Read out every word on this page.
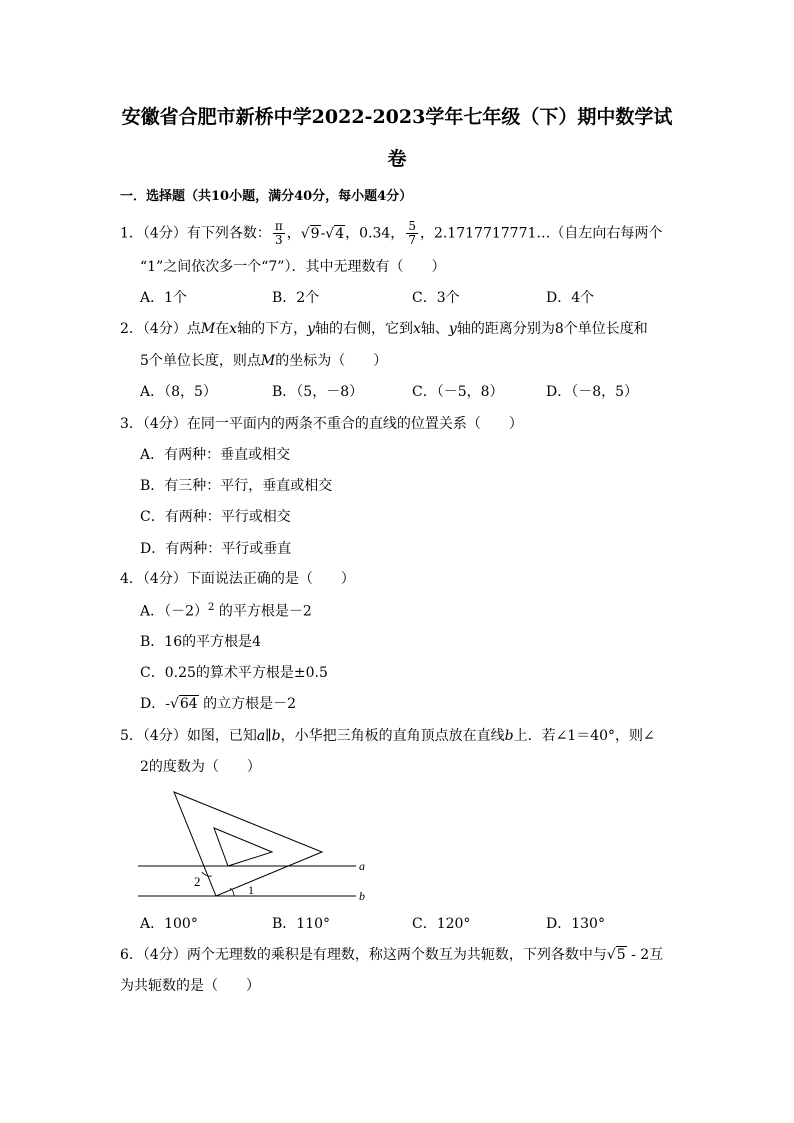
安徽省合肥市新桥中学2022-2023学年七年级（下）期中数学试
卷
一．选择题（共10小题，满分40分，每小题4分）
1．（4分）有下列各数： $\frac{\pi}{3}$ ，√9-√4，0.34， $\frac{5}{7}$ ，2.1717717771…（自左向右每两个
“1”之间依次多一个“7”）．其中无理数有（　　）
A．1个	B．2个	C．3个	D．4个
2．（4分）点M在x轴的下方，y轴的右侧，它到x轴、y轴的距离分别为8个单位长度和
5个单位长度，则点M的坐标为（　　）
A．（8，5）	B．（5，－8）	C．（－5，8）	D．（－8，5）
3．（4分）在同一平面内的两条不重合的直线的位置关系（　　）
A．有两种：垂直或相交
B．有三种：平行，垂直或相交
C．有两种：平行或相交
D．有两种：平行或垂直
4．（4分）下面说法正确的是（　　）
A．$(-2)^2$ 的平方根是－2
B．16的平方根是4
C．0.25的算术平方根是±0.5
D．-√64 的立方根是－2
5．（4分）如图，已知a∥b，小华把三角板的直角顶点放在直线b上．若∠1＝40°，则∠
2的度数为（　　）
a
b
2
1
A．100°	B．110°	C．120°	D．130°
6．（4分）两个无理数的乘积是有理数，称这两个数互为共轭数，下列各数中与√5 - 2互
为共轭数的是（　　）
